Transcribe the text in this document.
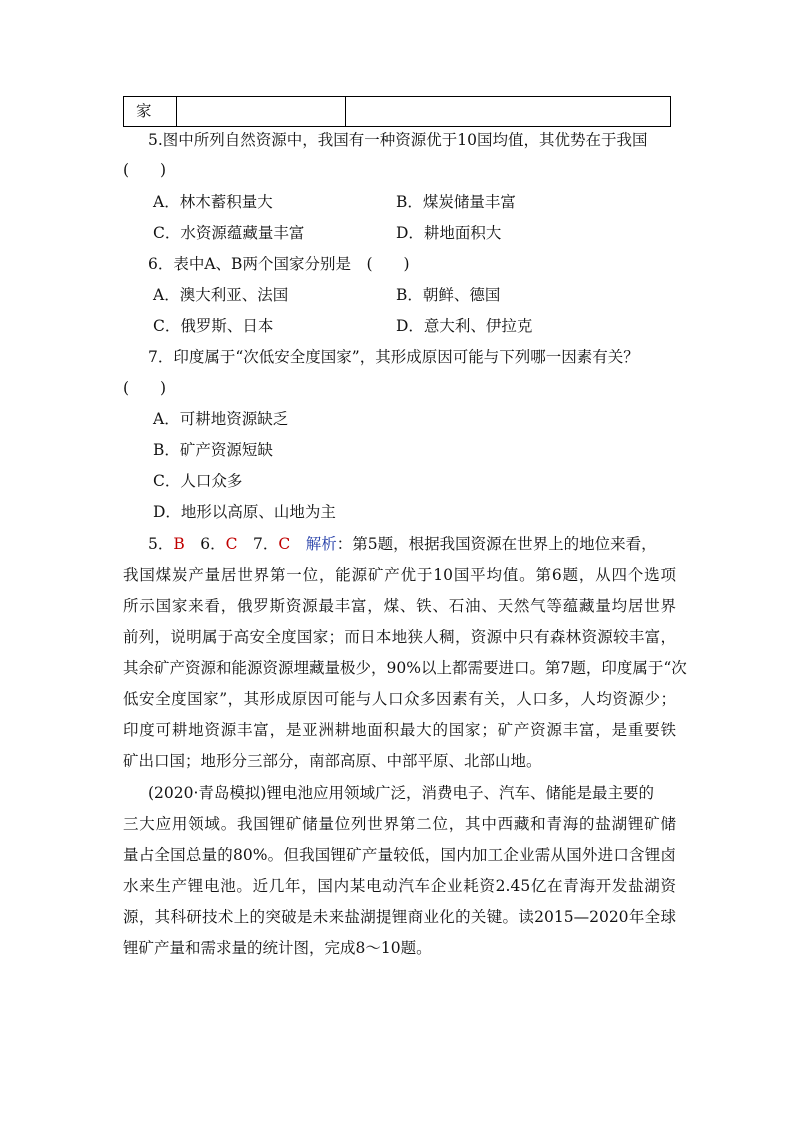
家		
5.图中所列自然资源中，我国有一种资源优于10国均值，其优势在于我国
(　　)
A．林木蓄积量大	B．煤炭储量丰富
C．水资源蕴藏量丰富	D．耕地面积大
6．表中A、B两个国家分别是　(　　)
A．澳大利亚、法国	B．朝鲜、德国
C．俄罗斯、日本	D．意大利、伊拉克
7．印度属于“次低安全度国家”，其形成原因可能与下列哪一因素有关？
(　　)
A．可耕地资源缺乏
B．矿产资源短缺
C．人口众多
D．地形以高原、山地为主
5．B　6．C　7．C　 解析：第5题，根据我国资源在世界上的地位来看，
我国煤炭产量居世界第一位，能源矿产优于10国平均值。第6题，从四个选项
所示国家来看，俄罗斯资源最丰富，煤、铁、石油、天然气等蕴藏量均居世界
前列，说明属于高安全度国家；而日本地狭人稠，资源中只有森林资源较丰富，
其余矿产资源和能源资源埋藏量极少，90%以上都需要进口。第7题，印度属于“次
低安全度国家”，其形成原因可能与人口众多因素有关，人口多，人均资源少；
印度可耕地资源丰富，是亚洲耕地面积最大的国家；矿产资源丰富，是重要铁
矿出口国；地形分三部分，南部高原、中部平原、北部山地。
(2020·青岛模拟)锂电池应用领域广泛，消费电子、汽车、储能是最主要的
三大应用领域。我国锂矿储量位列世界第二位，其中西藏和青海的盐湖锂矿储
量占全国总量的80%。但我国锂矿产量较低，国内加工企业需从国外进口含锂卤
水来生产锂电池。近几年，国内某电动汽车企业耗资2.45亿在青海开发盐湖资
源，其科研技术上的突破是未来盐湖提锂商业化的关键。读2015—2020年全球
锂矿产量和需求量的统计图，完成8～10题。
